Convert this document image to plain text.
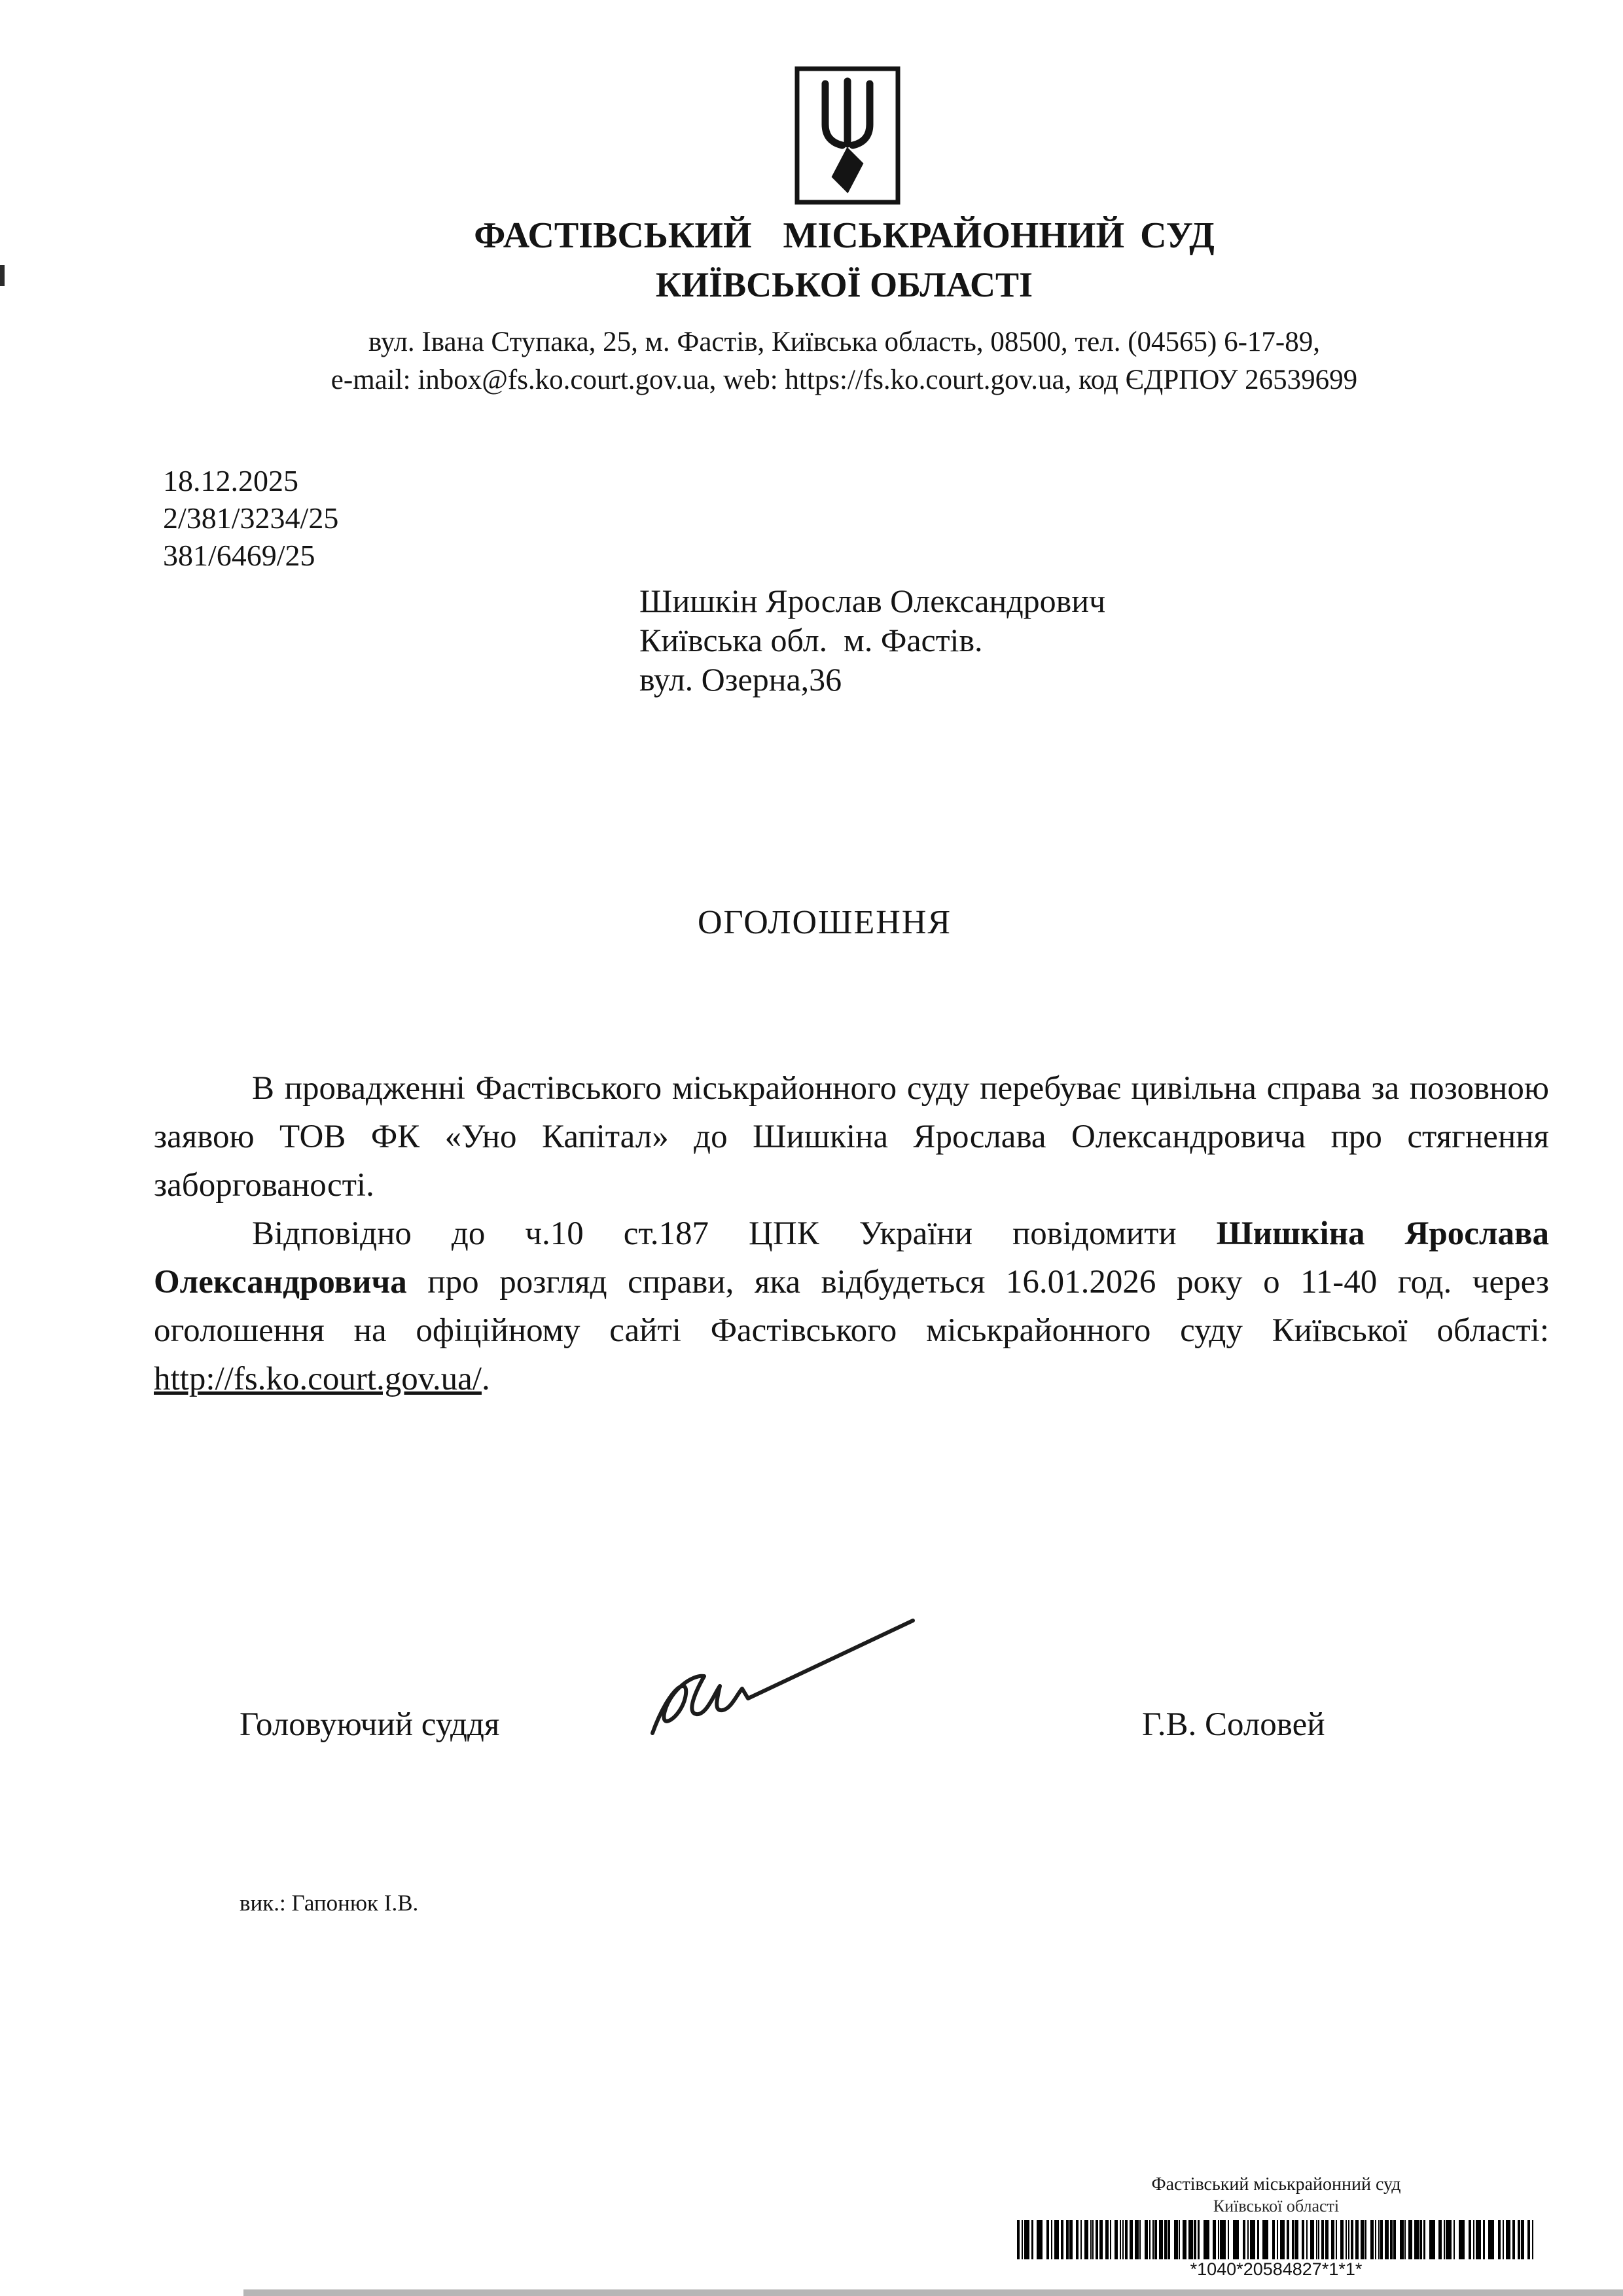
ФАСТІВСЬКИЙ  МІСЬКРАЙОННИЙ СУД
КИЇВСЬКОЇ ОБЛАСТІ
вул. Івана Ступака, 25, м. Фастів, Київська область, 08500, тел. (04565) 6-17-89,
e-mail: inbox@fs.ko.court.gov.ua, web: https://fs.ko.court.gov.ua, код ЄДРПОУ 26539699
18.12.2025
2/381/3234/25
381/6469/25
Шишкін Ярослав Олександрович
Київська обл.  м. Фастів.
вул. Озерна,36
ОГОЛОШЕННЯ

В провадженні Фастівського міськрайонного суду перебуває цивільна справа за позовною заявою ТОВ ФК «Уно Капітал» до Шишкіна Ярослава Олександровича про стягнення заборгованості.

Відповідно до ч.10 ст.187 ЦПК України повідомити Шишкіна Ярослава Олександровича про розгляд справи, яка відбудеться 16.01.2026 року о 11-40 год. через оголошення на офіційному сайті Фастівського міськрайонного суду Київської області: http://fs.ko.court.gov.ua/.

Головуючий суддя	Г.В. Соловей
вик.: Гапонюк І.В.
Фастівський міськрайонний суд
Київської області
*1040*20584827*1*1*
